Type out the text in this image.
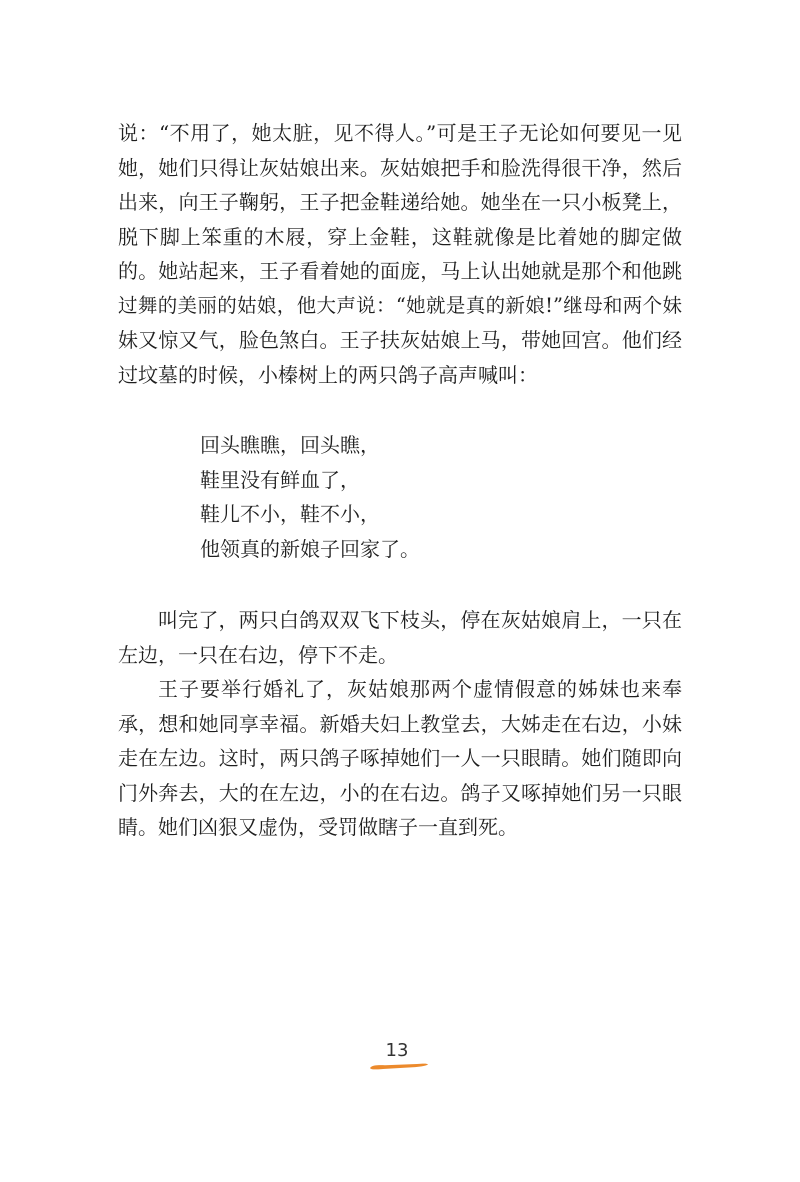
说：“不用了，她太脏，见不得人。”可是王子无论如何要见一见
她，她们只得让灰姑娘出来。灰姑娘把手和脸洗得很干净，然后
出来，向王子鞠躬，王子把金鞋递给她。她坐在一只小板凳上，
脱下脚上笨重的木屐，穿上金鞋，这鞋就像是比着她的脚定做
的。她站起来，王子看着她的面庞，马上认出她就是那个和他跳
过舞的美丽的姑娘，他大声说：“她就是真的新娘!”继母和两个妹
妹又惊又气，脸色煞白。王子扶灰姑娘上马，带她回宫。他们经
过坟墓的时候，小榛树上的两只鸽子高声喊叫：
回头瞧瞧，回头瞧，
鞋里没有鲜血了，
鞋儿不小，鞋不小，
他领真的新娘子回家了。
叫完了，两只白鸽双双飞下枝头，停在灰姑娘肩上，一只在
左边，一只在右边，停下不走。
王子要举行婚礼了，灰姑娘那两个虚情假意的姊妹也来奉
承，想和她同享幸福。新婚夫妇上教堂去，大姊走在右边，小妹
走在左边。这时，两只鸽子啄掉她们一人一只眼睛。她们随即向
门外奔去，大的在左边，小的在右边。鸽子又啄掉她们另一只眼
睛。她们凶狠又虚伪，受罚做瞎子一直到死。
13
